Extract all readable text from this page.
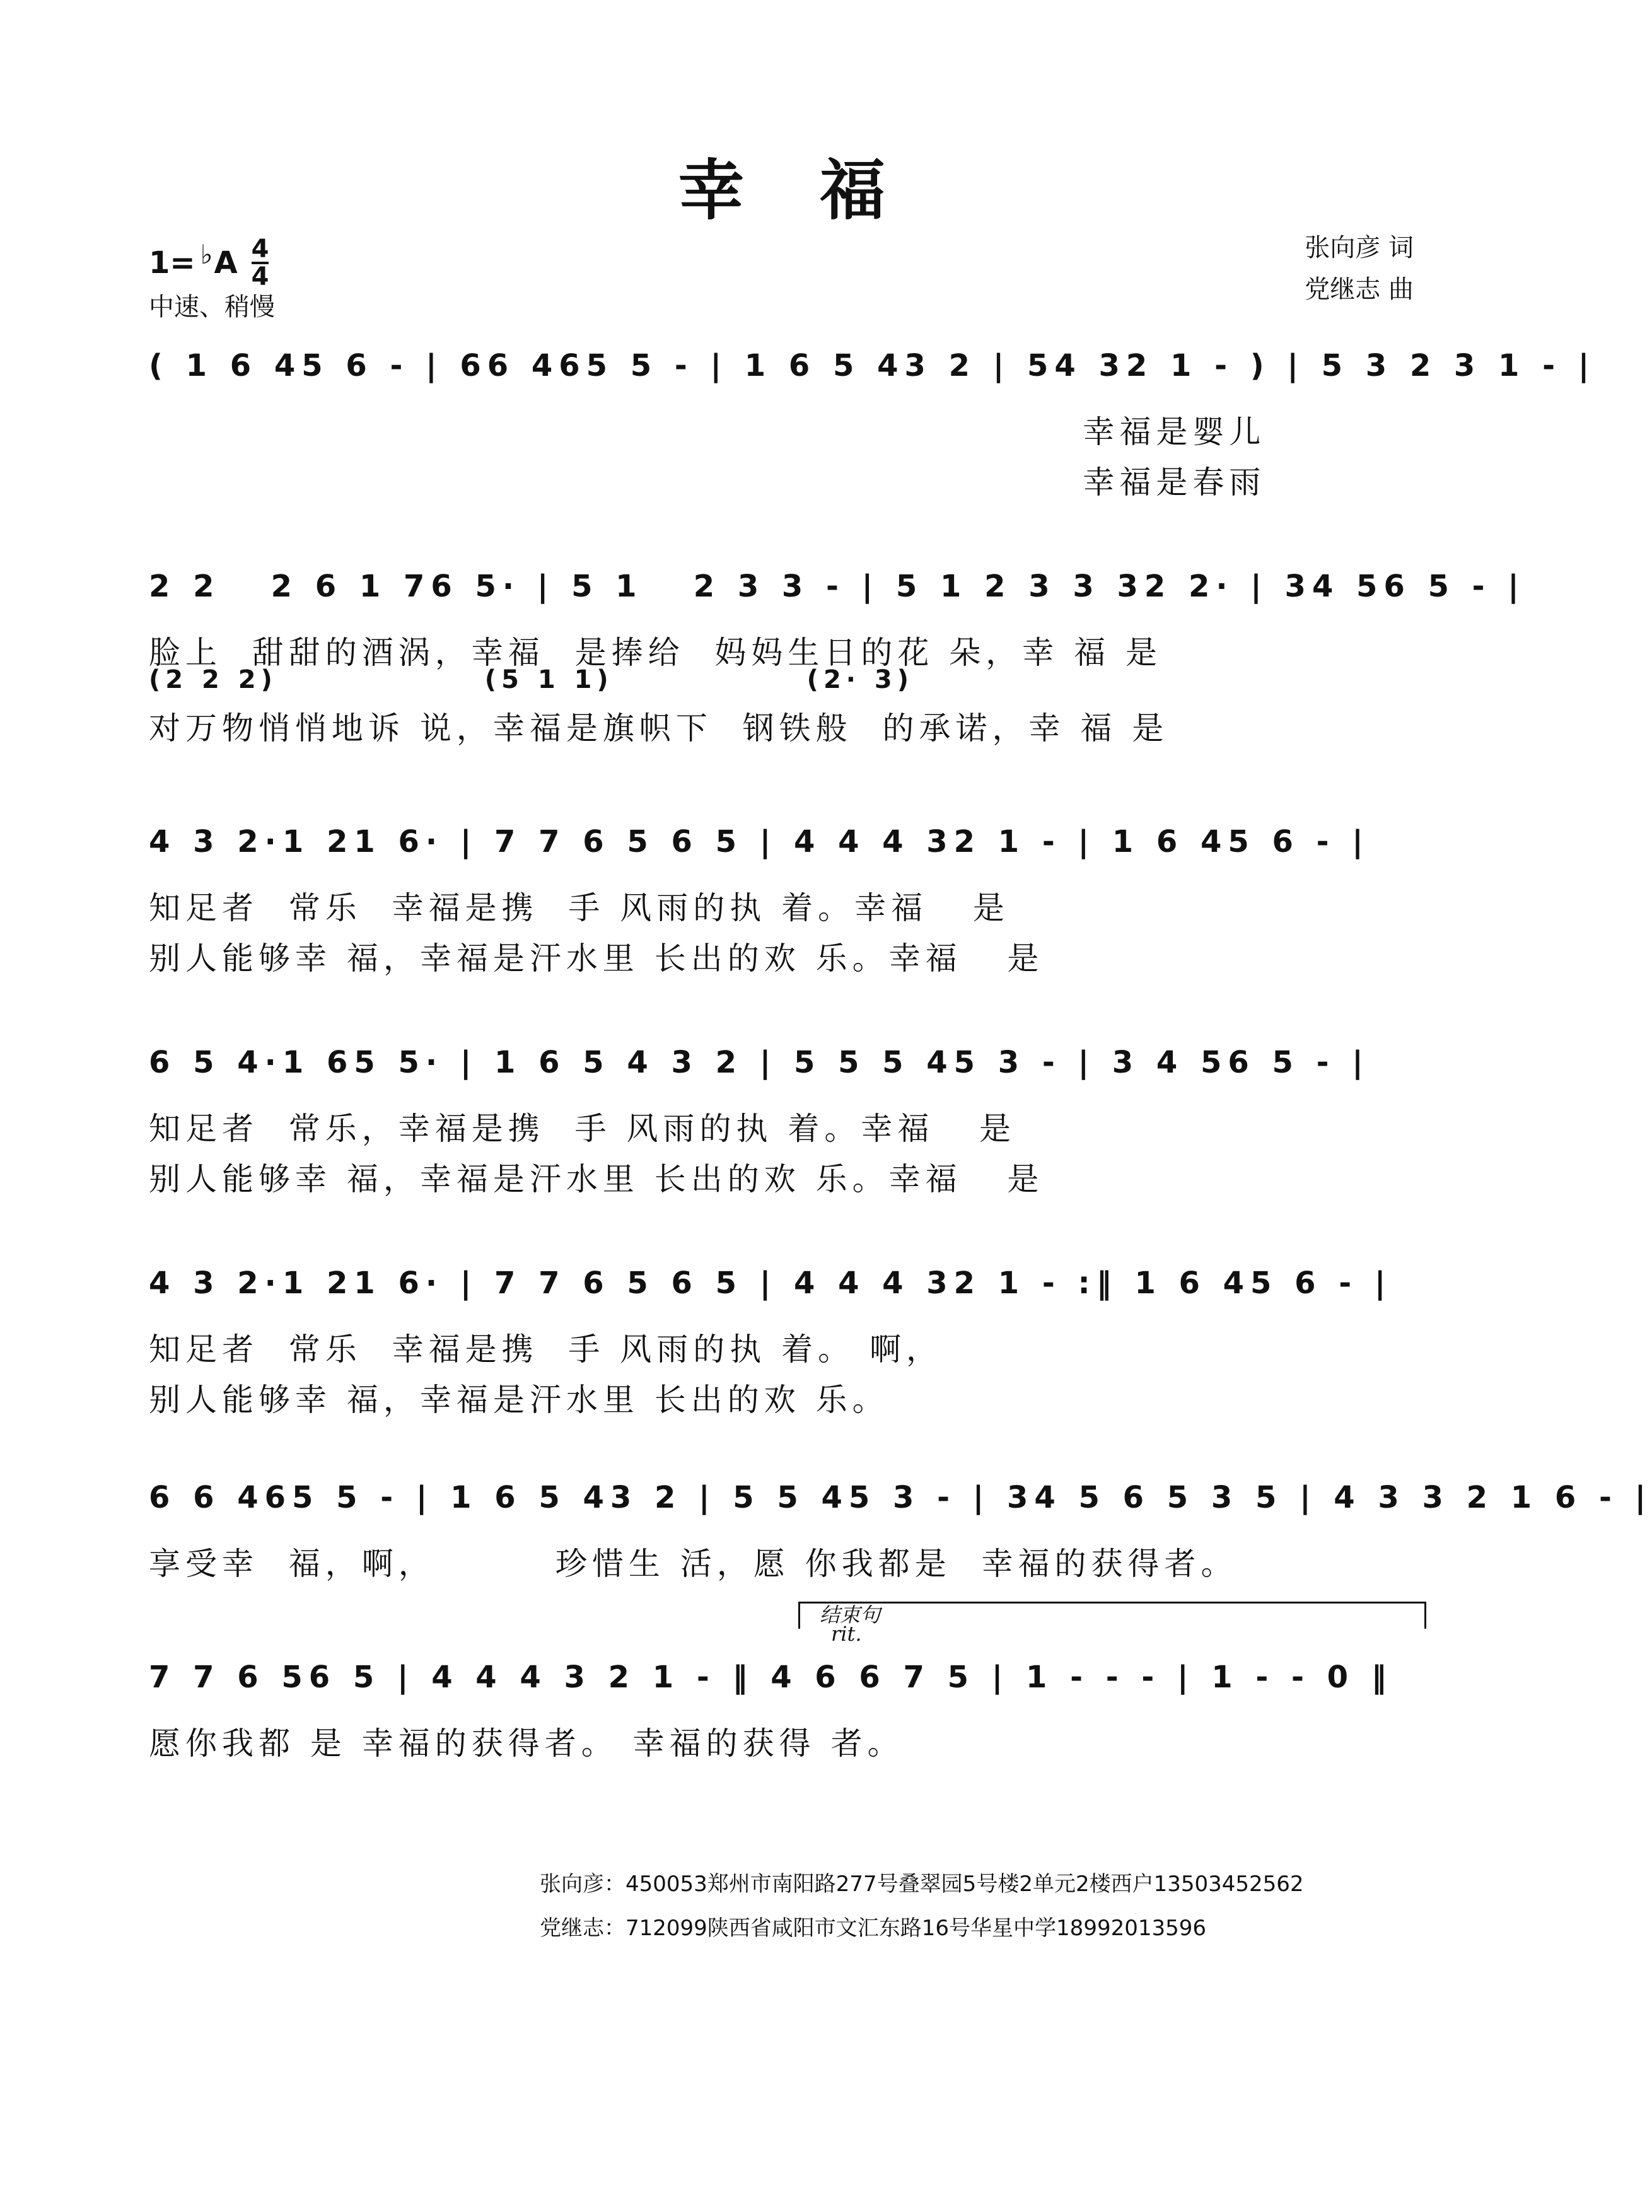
幸福
1= ♭ A 4
4
中速、稍慢
张向彦 词
党继志 曲
( 1 6 45 6 - | 66 465 5 - | 1 6 5 43 2 | 54 32 1 - ) | 5 3 2 3 1 - |
幸福是婴儿
幸福是春雨
2 2   2 6 1 76 5· | 5 1   2 3 3 - | 5 1 2 3 3 32 2· | 34 56 5 - |
脸上  甜甜的酒涡，幸福  是捧给  妈妈生日的花 朵，幸 福 是
(2 2 2)               (5 1 1)              (2· 3)
对万物悄悄地诉 说，幸福是旗帜下  钢铁般  的承诺，幸 福 是
4 3 2·1 21 6· | 7 7 6 5 6 5 | 4 4 4 32 1 - | 1 6 45 6 - |
知足者  常乐  幸福是携  手 风雨的执 着。幸福   是
别人能够幸 福，幸福是汗水里 长出的欢 乐。幸福   是
6 5 4·1 65 5· | 1 6 5 4 3 2 | 5 5 5 45 3 - | 3 4 56 5 - |
知足者  常乐，幸福是携  手 风雨的执 着。幸福   是
别人能够幸 福，幸福是汗水里 长出的欢 乐。幸福   是
4 3 2·1 21 6· | 7 7 6 5 6 5 | 4 4 4 32 1 - :‖ 1 6 45 6 - |
知足者  常乐  幸福是携  手 风雨的执 着。 啊，
别人能够幸 福，幸福是汗水里 长出的欢 乐。
6 6 465 5 - | 1 6 5 43 2 | 5 5 45 3 - | 34 5 6 5 3 5 | 4 3 3 2 1 6 - |
享受幸  福，啊，        珍惜生 活，愿 你我都是  幸福的获得者。
结束句
rit.
7 7 6 56 5 | 4 4 4 3 2 1 - ‖ 4 6 6 7 5 | 1 - - - | 1 - - 0 ‖
愿你我都 是 幸福的获得者。 幸福的获得 者。
张向彦：450053郑州市南阳路277号叠翠园5号楼2单元2楼西户13503452562
党继志：712099陕西省咸阳市文汇东路16号华星中学18992013596
